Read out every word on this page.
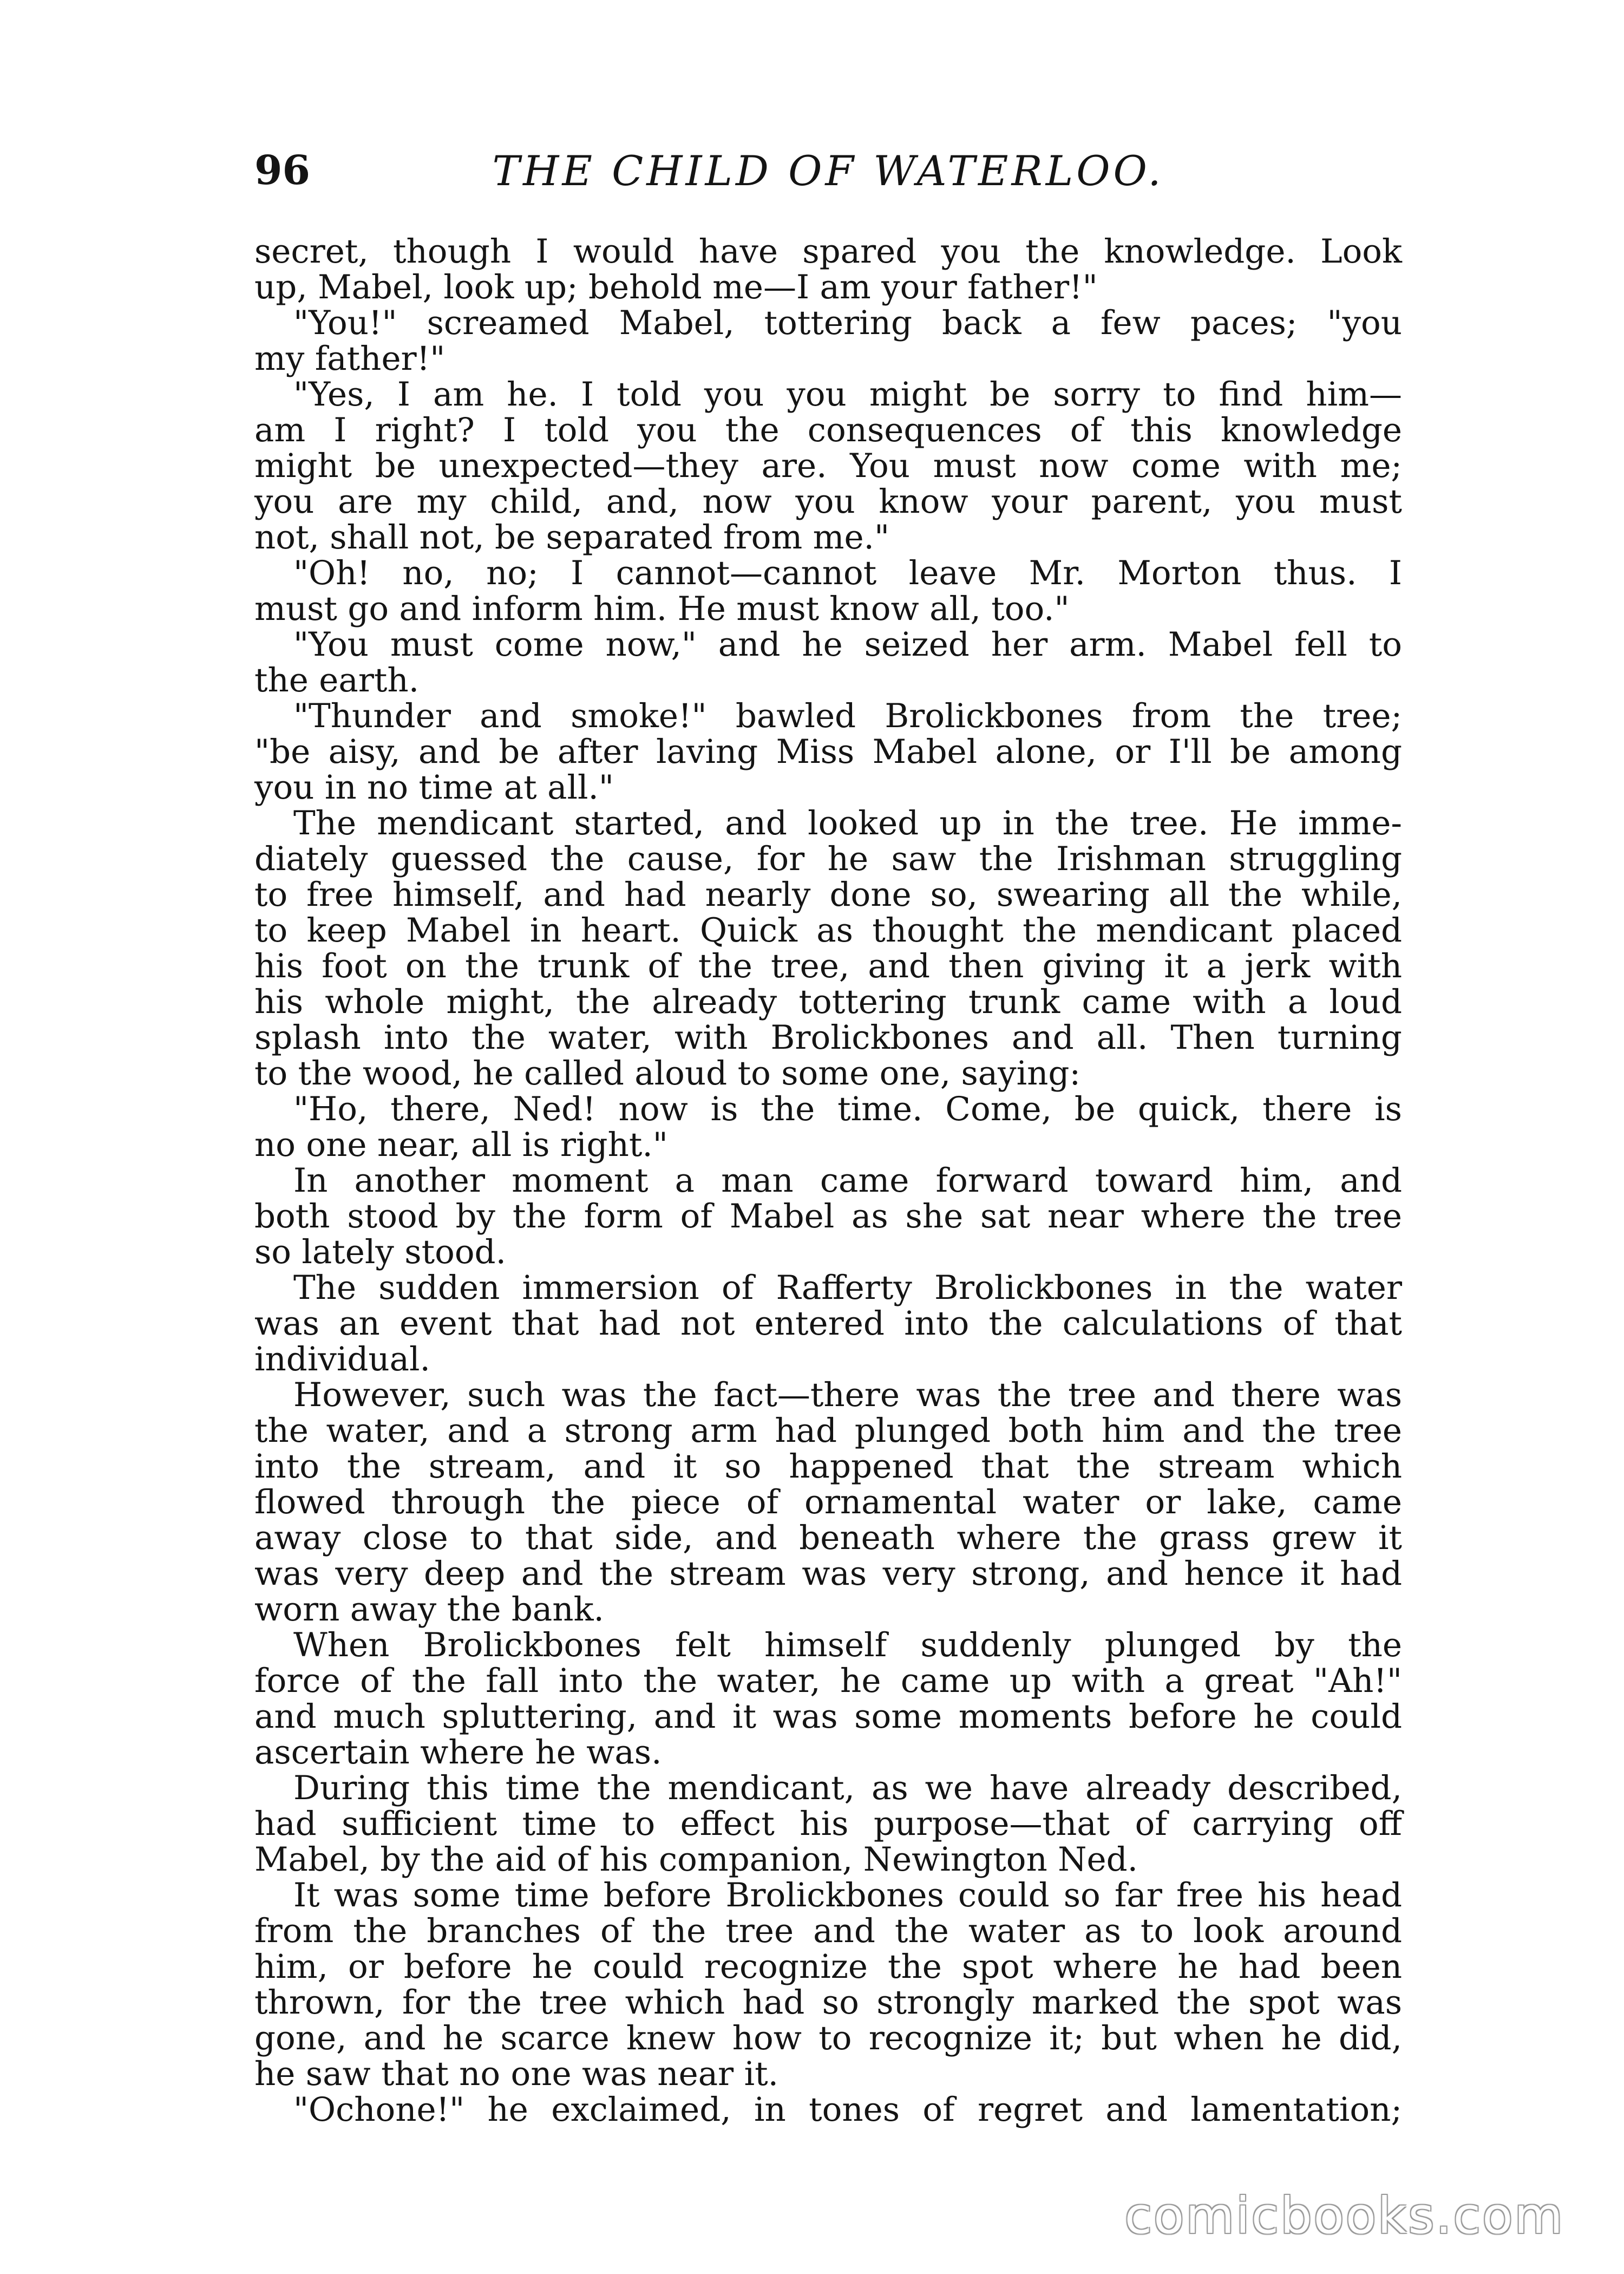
96	THE CHILD OF WATERLOO.
secret, though I would have spared you the knowledge. Look
up, Mabel, look up; behold me—I am your father!"
"You!" screamed Mabel, tottering back a few paces; "you
my father!"
"Yes, I am he. I told you you might be sorry to find him—
am I right? I told you the consequences of this knowledge
might be unexpected—they are. You must now come with me;
you are my child, and, now you know your parent, you must
not, shall not, be separated from me."
"Oh! no, no; I cannot—cannot leave Mr. Morton thus. I
must go and inform him. He must know all, too."
"You must come now," and he seized her arm. Mabel fell to
the earth.
"Thunder and smoke!" bawled Brolickbones from the tree;
"be aisy, and be after laving Miss Mabel alone, or I'll be among
you in no time at all."
The mendicant started, and looked up in the tree. He imme-
diately guessed the cause, for he saw the Irishman struggling
to free himself, and had nearly done so, swearing all the while,
to keep Mabel in heart. Quick as thought the mendicant placed
his foot on the trunk of the tree, and then giving it a jerk with
his whole might, the already tottering trunk came with a loud
splash into the water, with Brolickbones and all. Then turning
to the wood, he called aloud to some one, saying:
"Ho, there, Ned! now is the time. Come, be quick, there is
no one near, all is right."
In another moment a man came forward toward him, and
both stood by the form of Mabel as she sat near where the tree
so lately stood.
The sudden immersion of Rafferty Brolickbones in the water
was an event that had not entered into the calculations of that
individual.
However, such was the fact—there was the tree and there was
the water, and a strong arm had plunged both him and the tree
into the stream, and it so happened that the stream which
flowed through the piece of ornamental water or lake, came
away close to that side, and beneath where the grass grew it
was very deep and the stream was very strong, and hence it had
worn away the bank.
When Brolickbones felt himself suddenly plunged by the
force of the fall into the water, he came up with a great "Ah!"
and much spluttering, and it was some moments before he could
ascertain where he was.
During this time the mendicant, as we have already described,
had sufficient time to effect his purpose—that of carrying off
Mabel, by the aid of his companion, Newington Ned.
It was some time before Brolickbones could so far free his head
from the branches of the tree and the water as to look around
him, or before he could recognize the spot where he had been
thrown, for the tree which had so strongly marked the spot was
gone, and he scarce knew how to recognize it; but when he did,
he saw that no one was near it.
"Ochone!" he exclaimed, in tones of regret and lamentation;
comicbooks.com
